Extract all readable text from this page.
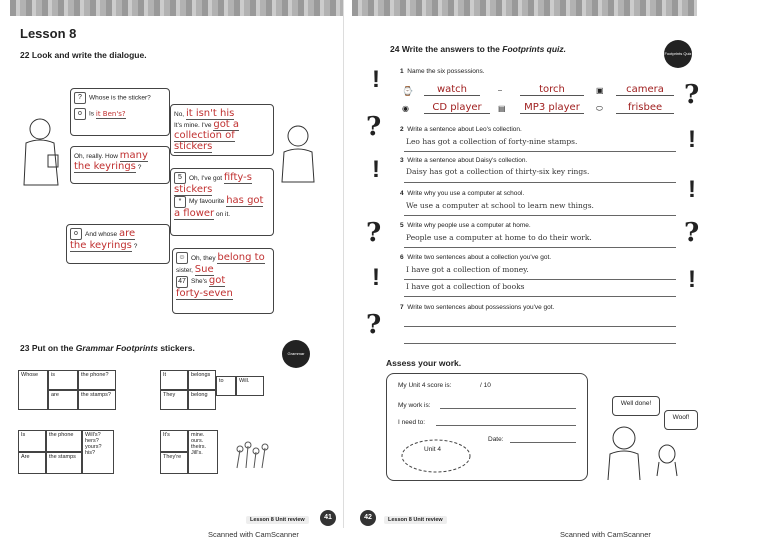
Lesson 8
22 Look and write the dialogue.
? Whose is the sticker?
o Is it Ben's?	No, it isn't his
It's mine. I've got a
collection of stickers
Oh, really. How many
the keyrings ?
5 Oh, I've got fifty-s
stickers
* My favourite has got
a flower on it.
o And whose are
the keyrings ?
☺ Oh, they belong to
sister, Sue
47 She's got
forty-seven
23 Put on the Grammar Footprints stickers.
Grammar Footprints
Whose	is	the phone?
are	the stamps?
It	belongs
to	Will.
They	belong
Is	the phone	Will's? hers? yours? his?
Are	the stamps
It's	mine. ours. theirs. Jill's.
They're
Lesson 8 Unit review	41
24 Write the answers to the Footprints quiz.	Footprints Quiz
!
?
!
?
!
?
?
!
!
?
!
1 Name the six possessions.
⌚	watch	⎯	torch	▣	camera
◉	CD player	▤	MP3 player	⬭	frisbee
2 Write a sentence about Leo's collection.
Leo has got a collection of forty-nine stamps.
3 Write a sentence about Daisy's collection.
Daisy has got a collection of thirty-six key rings.
4 Write why you use a computer at school.
We use a computer at school to learn new things.
5 Write why people use a computer at home.
People use a computer at home to do their work.
6 Write two sentences about a collection you've got.
I have got a collection of money.
I have got a collection of books
7 Write two sentences about possessions you've got.
Assess your work.
My Unit 4 score is:	/ 10
My work is:
I need to:
Date:
Unit 4
Well done!
Woof!
42	Lesson 8 Unit review
Scanned with CamScanner	Scanned with CamScanner
